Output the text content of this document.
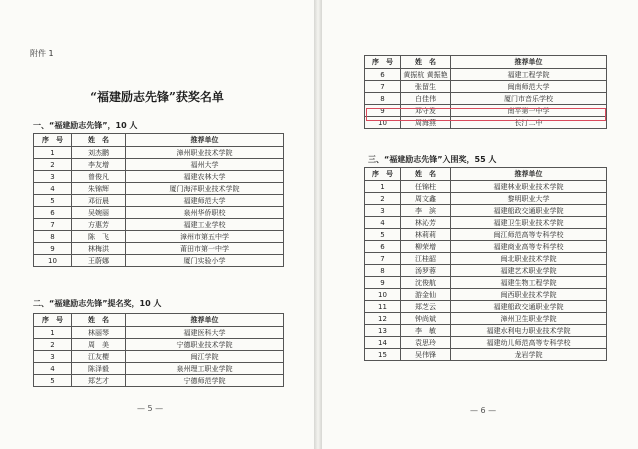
附件 1
“福建励志先锋”获奖名单
一、“福建励志先锋”，10 人
序　号	姓　名	推荐单位
1	刘杰鹏	漳州职业技术学院
2	李友增	福州大学
3	曾俊凡	福建农林大学
4	朱锦辉	厦门海洋职业技术学院
5	邓衍晨	福建师范大学
6	吴婉丽	泉州华侨职校
7	方惠芳	福建工业学校
8	陈　飞	漳州市第五中学
9	林梅洪	莆田市第一中学
10	王蔚娜	厦门实验小学
二、“福建励志先锋”提名奖，10 人
序　号	姓　名	推荐单位
1	林丽琴	福建医科大学
2	周　美	宁德职业技术学院
3	江友樱	闽江学院
4	陈泽毅	泉州理工职业学院
5	郑艺才	宁德师范学院
— 5 —
序　号	姓　名	推荐单位
6	黄振杭 黄振艳	福建工程学院
7	张留生	闽南师范大学
8	白佳伟	厦门市音乐学校
9	邓守发	南平第一中学
10	周海燕	长汀二中
三、“福建励志先锋”入围奖，55 人
序　号	姓　名	推荐单位
1	任锦柱	福建林业职业技术学院
2	周文鑫	黎明职业大学
3	李　滨	福建船政交通职业学院
4	林沁芳	福建卫生职业技术学院
5	林莉莉	闽江师范高等专科学校
6	柳荣增	福建商业高等专科学校
7	江桂韶	闽北职业技术学院
8	汤罗蓉	福建艺术职业学院
9	沈俊航	福建生物工程学院
10	游金仙	闽西职业技术学院
11	郑芝云	福建船政交通职业学院
12	钟尚斌	漳州卫生职业学院
13	李　敏	福建水利电力职业技术学院
14	袁思玲	福建幼儿师范高等专科学校
15	吴伟锋	龙岩学院
— 6 —
